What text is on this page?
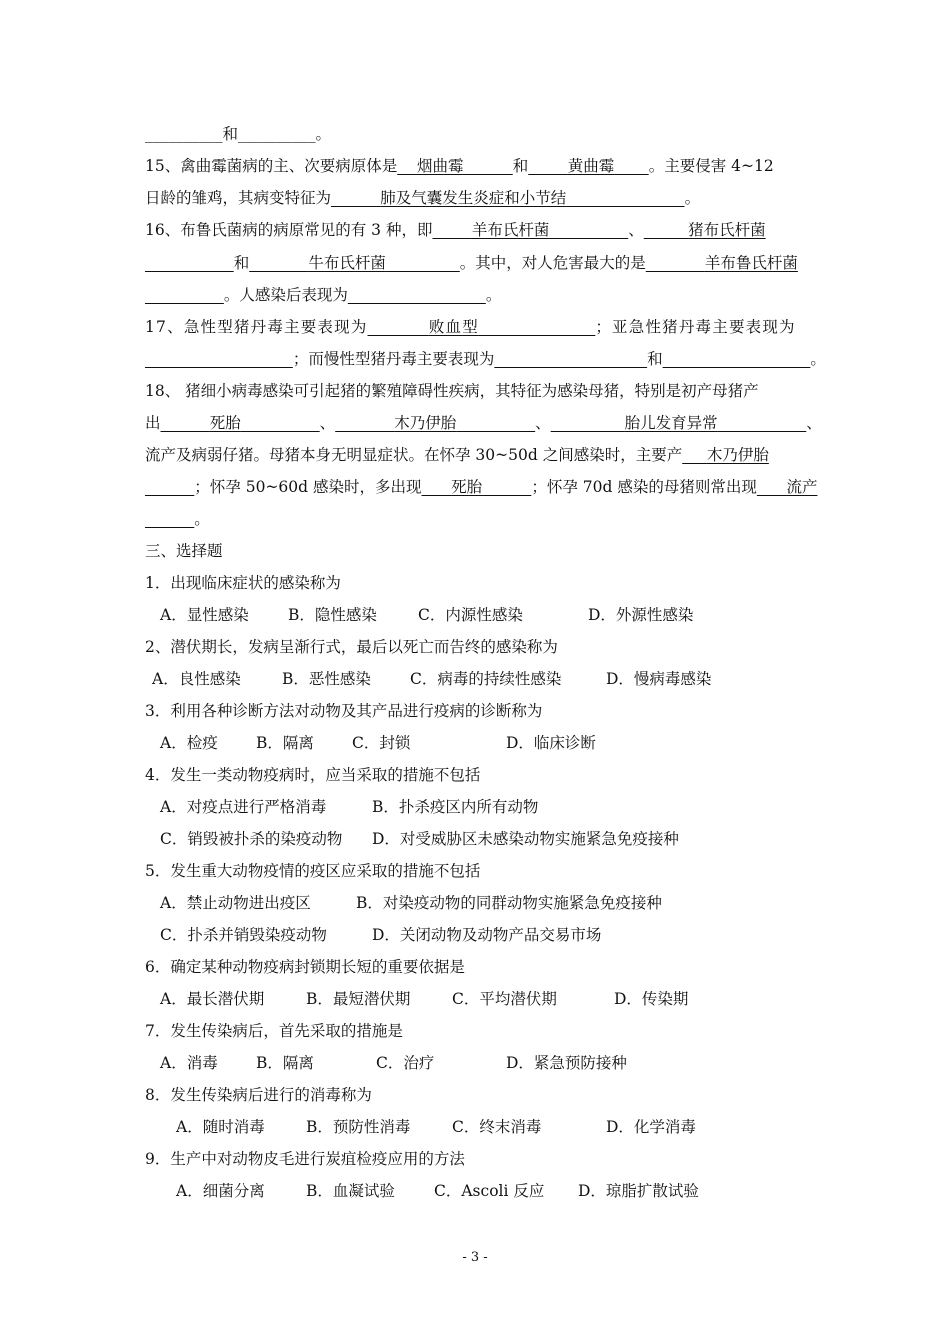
__________和__________。
15、禽曲霉菌病的主、次要病原体是 烟曲霉	和	黄曲霉 。主要侵害 4~12
日龄的雏鸡，其病变特征为	肺及气囊发生炎症和小节结	。
16、布鲁氏菌病的病原常见的有 3 种，即	羊布氏杆菌	、	猪布氏杆菌
和	牛布氏杆菌	。其中，对人危害最大的是	羊布鲁氏杆菌
。人感染后表现为	。
17、急性型猪丹毒主要表现为	败血型	；亚急性猪丹毒主要表现为
；而慢性型猪丹毒主要表现为	和	。
18、 猪细小病毒感染可引起猪的繁殖障碍性疾病，其特征为感染母猪，特别是初产母猪产
出	死胎	、	木乃伊胎	、	胎儿发育异常	、
流产及病弱仔猪。母猪本身无明显症状。在怀孕 30~50d 之间感染时，主要产 木乃伊胎
；怀孕 50~60d 感染时，多出现 死胎	；怀孕 70d 感染的母猪则常出现 流产
。
三、选择题
1．出现临床症状的感染称为
A．显性感染	B．隐性感染	C．内源性感染	D．外源性感染
2、潜伏期长，发病呈渐行式，最后以死亡而告终的感染称为
A．良性感染	B．恶性感染	C．病毒的持续性感染	D．慢病毒感染
3．利用各种诊断方法对动物及其产品进行疫病的诊断称为
A．检疫 B．隔离 C．封锁	D．临床诊断
4．发生一类动物疫病时，应当采取的措施不包括
A．对疫点进行严格消毒	B．扑杀疫区内所有动物
C．销毁被扑杀的染疫动物 D．对受威胁区未感染动物实施紧急免疫接种
5．发生重大动物疫情的疫区应采取的措施不包括
A．禁止动物进出疫区	B．对染疫动物的同群动物实施紧急免疫接种
C．扑杀并销毁染疫动物	D．关闭动物及动物产品交易市场
6．确定某种动物疫病封锁期长短的重要依据是
A．最长潜伏期	B．最短潜伏期	C．平均潜伏期	D．传染期
7．发生传染病后，首先采取的措施是
A．消毒 B．隔离	C．治疗	D．紧急预防接种
8．发生传染病后进行的消毒称为
A．随时消毒	B．预防性消毒	C．终末消毒	D．化学消毒
9．生产中对动物皮毛进行炭疽检疫应用的方法
A．细菌分离	B．血凝试验	C．Ascoli 反应 D．琼脂扩散试验
- 3 -
